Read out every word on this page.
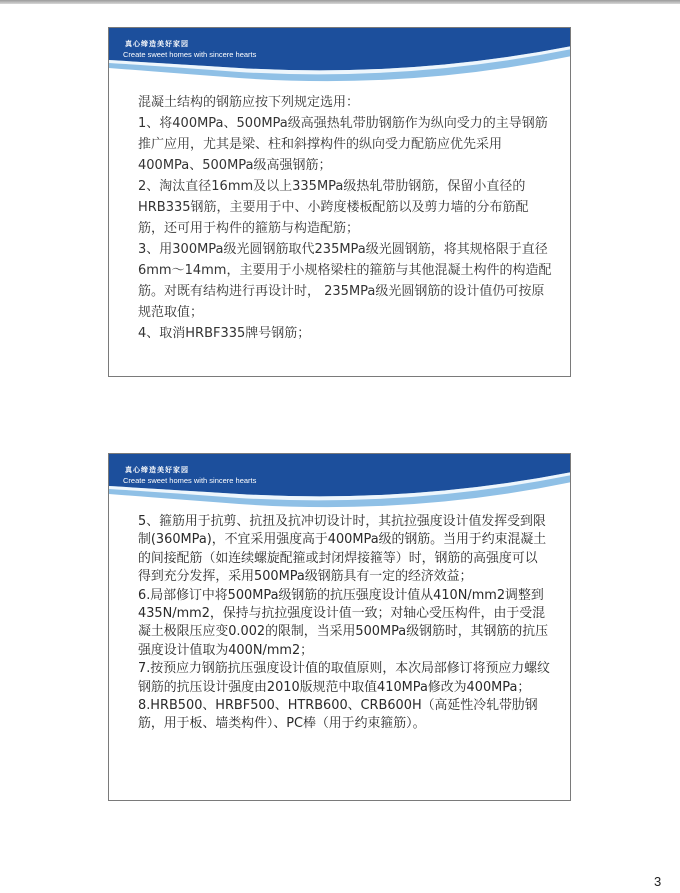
真心缔造美好家园
Create sweet homes with sincere hearts

混凝土结构的钢筋应按下列规定选用：

1、将400MPa、500MPa级高强热轧带肋钢筋作为纵向受力的主导钢筋推广应用，尤其是梁、柱和斜撑构件的纵向受力配筋应优先采用400MPa、500MPa级高强钢筋；

2、淘汰直径16mm及以上335MPa级热轧带肋钢筋，保留小直径的HRB335钢筋，主要用于中、小跨度楼板配筋以及剪力墙的分布筋配筋，还可用于构件的箍筋与构造配筋；

3、用300MPa级光圆钢筋取代235MPa级光圆钢筋，将其规格限于直径6mm～14mm，主要用于小规格梁柱的箍筋与其他混凝土构件的构造配筋。对既有结构进行再设计时， 235MPa级光圆钢筋的设计值仍可按原规范取值；

4、取消HRBF335牌号钢筋；

真心缔造美好家园
Create sweet homes with sincere hearts

5、箍筋用于抗剪、抗扭及抗冲切设计时，其抗拉强度设计值发挥受到限制(360MPa)，不宜采用强度高于400MPa级的钢筋。当用于约束混凝土的间接配筋（如连续螺旋配箍或封闭焊接箍等）时，钢筋的高强度可以得到充分发挥，采用500MPa级钢筋具有一定的经济效益；

6.局部修订中将500MPa级钢筋的抗压强度设计值从410N/mm2调整到435N/mm2，保持与抗拉强度设计值一致；对轴心受压构件，由于受混凝土极限压应变0.002的限制，当采用500MPa级钢筋时，其钢筋的抗压强度设计值取为400N/mm2；

7.按预应力钢筋抗压强度设计值的取值原则，本次局部修订将预应力螺纹钢筋的抗压设计强度由2010版规范中取值410MPa修改为400MPa；

8.HRB500、HRBF500、HTRB600、CRB600H（高延性冷轧带肋钢筋，用于板、墙类构件）、PC棒（用于约束箍筋）。

3
